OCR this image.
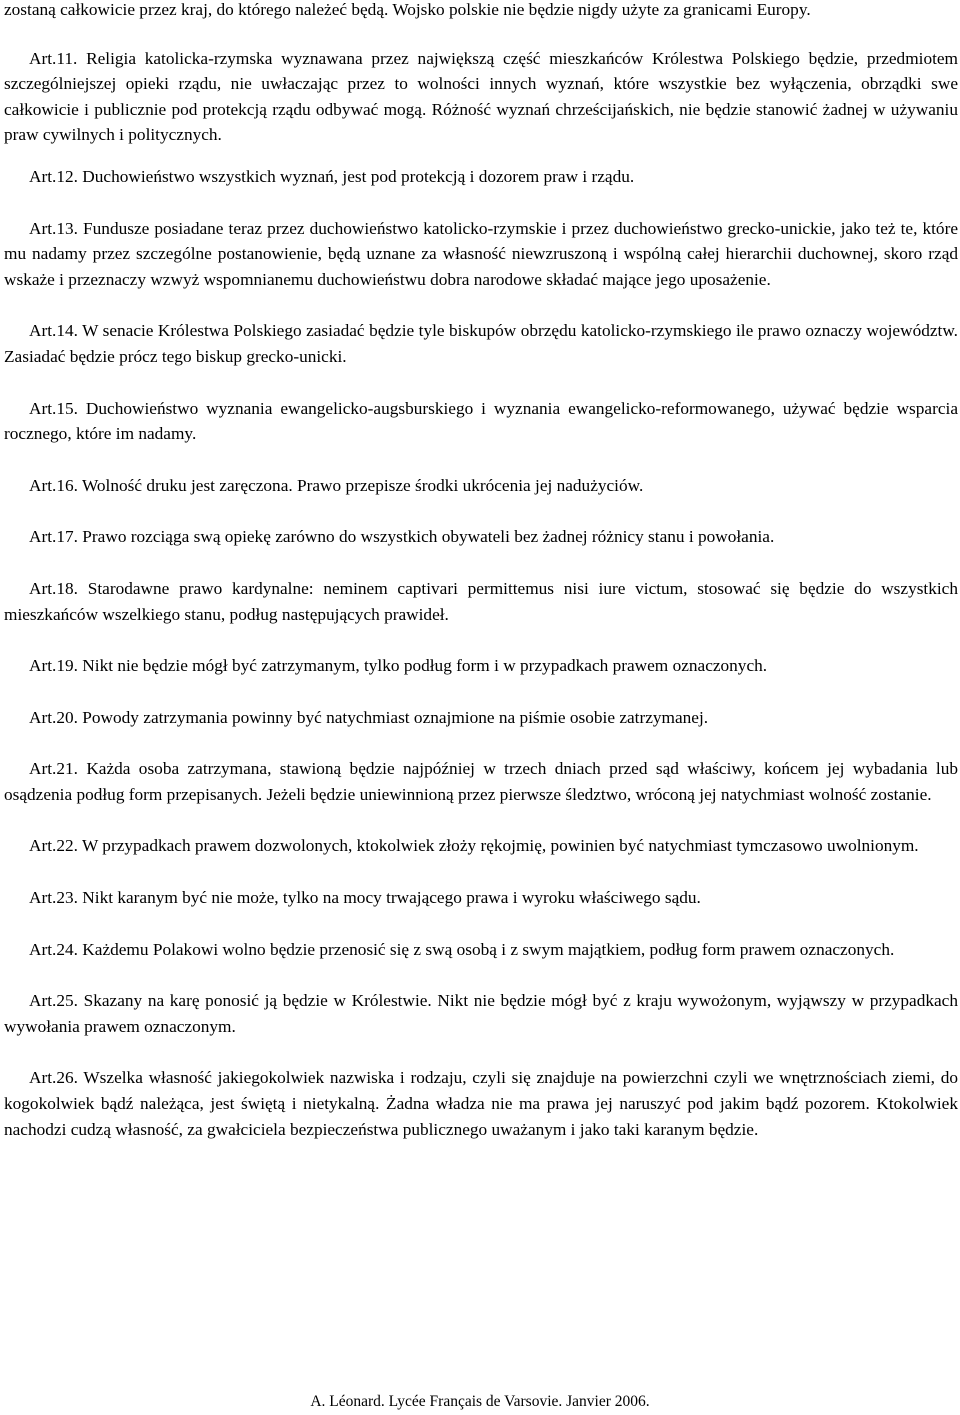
zostaną całkowicie przez kraj, do którego należeć będą. Wojsko polskie nie będzie nigdy użyte za granicami Europy.

Art.11. Religia katolicka-rzymska wyznawana przez największą część mieszkańców Królestwa Polskiego będzie, przedmiotem szczególniejszej opieki rządu, nie uwłaczając przez to wolności innych wyznań, które wszystkie bez wyłączenia, obrządki swe całkowicie i publicznie pod protekcją rządu odbywać mogą. Różność wyznań chrześcijańskich, nie będzie stanowić żadnej w używaniu praw cywilnych i politycznych.

Art.12. Duchowieństwo wszystkich wyznań, jest pod protekcją i dozorem praw i rządu.

Art.13. Fundusze posiadane teraz przez duchowieństwo katolicko-rzymskie i przez duchowieństwo grecko-unickie, jako też te, które mu nadamy przez szczególne postanowienie, będą uznane za własność niewzruszoną i wspólną całej hierarchii duchownej, skoro rząd wskaże i przeznaczy wzwyż wspomnianemu duchowieństwu dobra narodowe składać mające jego uposażenie.

Art.14. W senacie Królestwa Polskiego zasiadać będzie tyle biskupów obrzędu katolicko-rzymskiego ile prawo oznaczy województw. Zasiadać będzie prócz tego biskup grecko-unicki.

Art.15. Duchowieństwo wyznania ewangelicko-augsburskiego i wyznania ewangelicko-reformowanego, używać będzie wsparcia rocznego, które im nadamy.

Art.16. Wolność druku jest zaręczona. Prawo przepisze środki ukrócenia jej nadużyciów.

Art.17. Prawo rozciąga swą opiekę zarówno do wszystkich obywateli bez żadnej różnicy stanu i powołania.

Art.18. Starodawne prawo kardynalne: neminem captivari permittemus nisi iure victum, stosować się będzie do wszystkich mieszkańców wszelkiego stanu, podług następujących prawideł.

Art.19. Nikt nie będzie mógł być zatrzymanym, tylko podług form i w przypadkach prawem oznaczonych.

Art.20. Powody zatrzymania powinny być natychmiast oznajmione na piśmie osobie zatrzymanej.

Art.21. Każda osoba zatrzymana, stawioną będzie najpóźniej w trzech dniach przed sąd właściwy, końcem jej wybadania lub osądzenia podług form przepisanych. Jeżeli będzie uniewinnioną przez pierwsze śledztwo, wróconą jej natychmiast wolność zostanie.

Art.22. W przypadkach prawem dozwolonych, ktokolwiek złoży rękojmię, powinien być natychmiast tymczasowo uwolnionym.

Art.23. Nikt karanym być nie może, tylko na mocy trwającego prawa i wyroku właściwego sądu.

Art.24. Każdemu Polakowi wolno będzie przenosić się z swą osobą i z swym majątkiem, podług form prawem oznaczonych.

Art.25. Skazany na karę ponosić ją będzie w Królestwie. Nikt nie będzie mógł być z kraju wywożonym, wyjąwszy w przypadkach wywołania prawem oznaczonym.

Art.26. Wszelka własność jakiegokolwiek nazwiska i rodzaju, czyli się znajduje na powierzchni czyli we wnętrznościach ziemi, do kogokolwiek bądź należąca, jest świętą i nietykalną. Żadna władza nie ma prawa jej naruszyć pod jakim bądź pozorem. Ktokolwiek nachodzi cudzą własność, za gwałciciela bezpieczeństwa publicznego uważanym i jako taki karanym będzie.

A. Léonard. Lycée Français de Varsovie. Janvier 2006.
